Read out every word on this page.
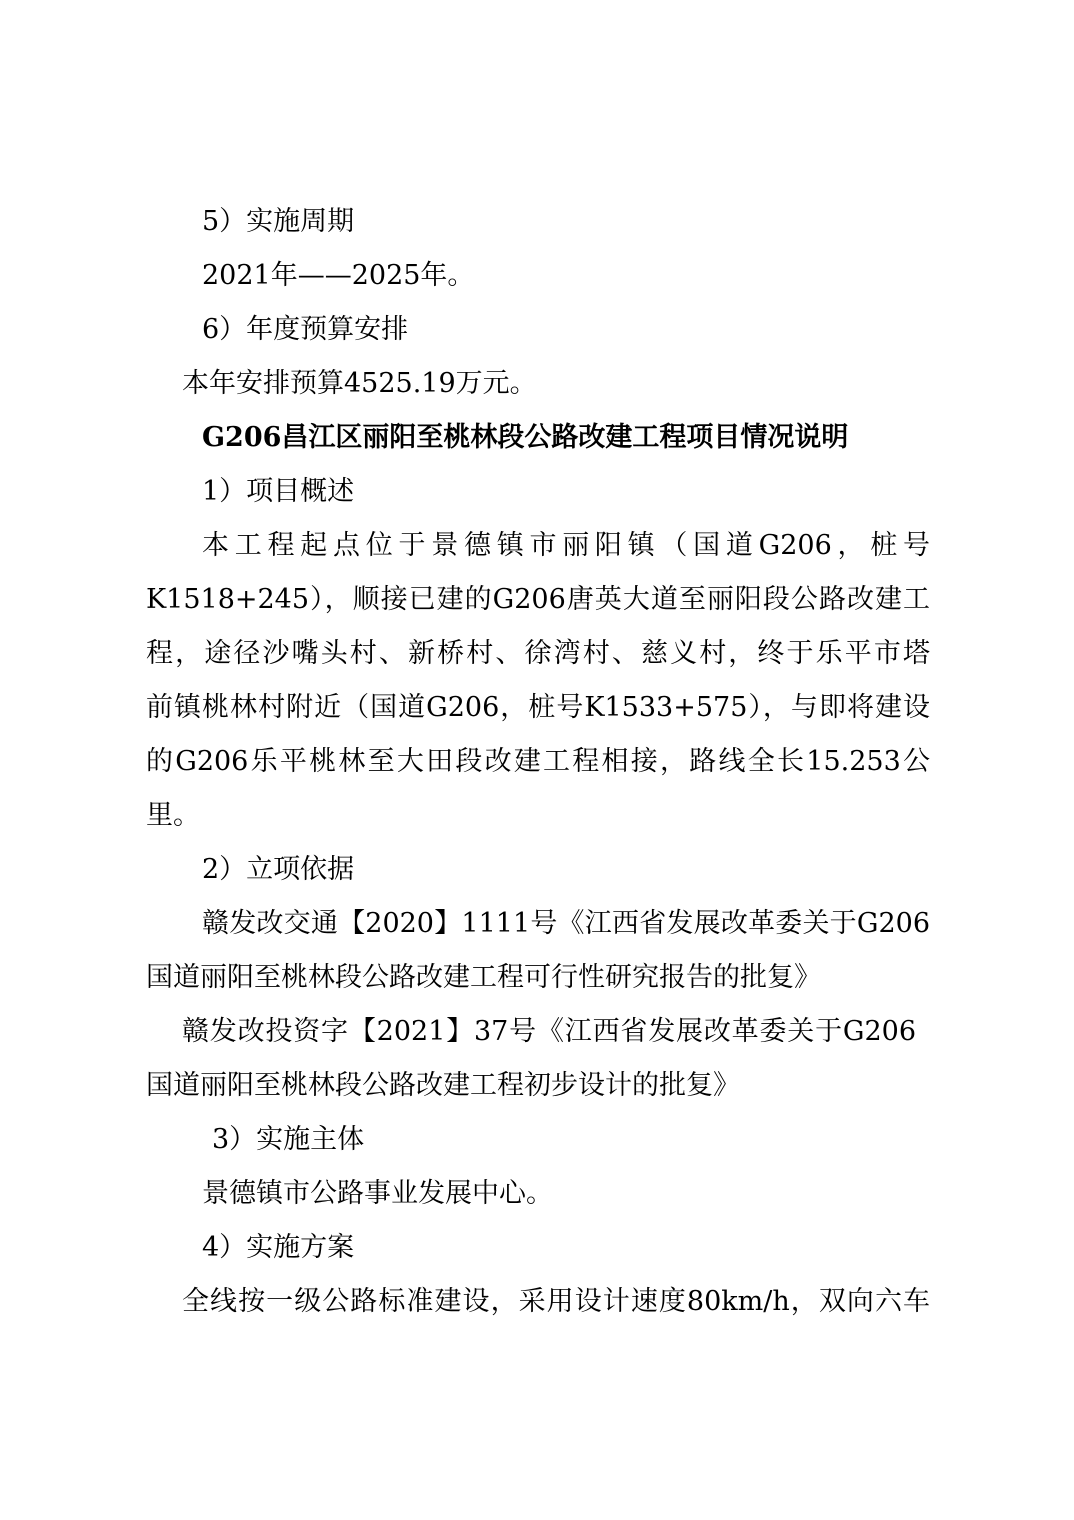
5）实施周期
2021年——2025年。
6）年度预算安排
本年安排预算4525.19万元。
G206昌江区丽阳至桃林段公路改建工程项目情况说明
1）项目概述
本工程起点位于景德镇市丽阳镇（国道G206，桩号
K1518+245），顺接已建的G206唐英大道至丽阳段公路改建工
程，途径沙嘴头村、新桥村、徐湾村、慈义村，终于乐平市塔
前镇桃林村附近（国道G206，桩号K1533+575），与即将建设
的G206乐平桃林至大田段改建工程相接，路线全长15.253公
里。
2）立项依据
赣发改交通【2020】1111号《江西省发展改革委关于G206
国道丽阳至桃林段公路改建工程可行性研究报告的批复》
赣发改投资字【2021】37号《江西省发展改革委关于G206
国道丽阳至桃林段公路改建工程初步设计的批复》
3）实施主体
景德镇市公路事业发展中心。
4）实施方案
全线按一级公路标准建设，采用设计速度80km/h，双向六车
